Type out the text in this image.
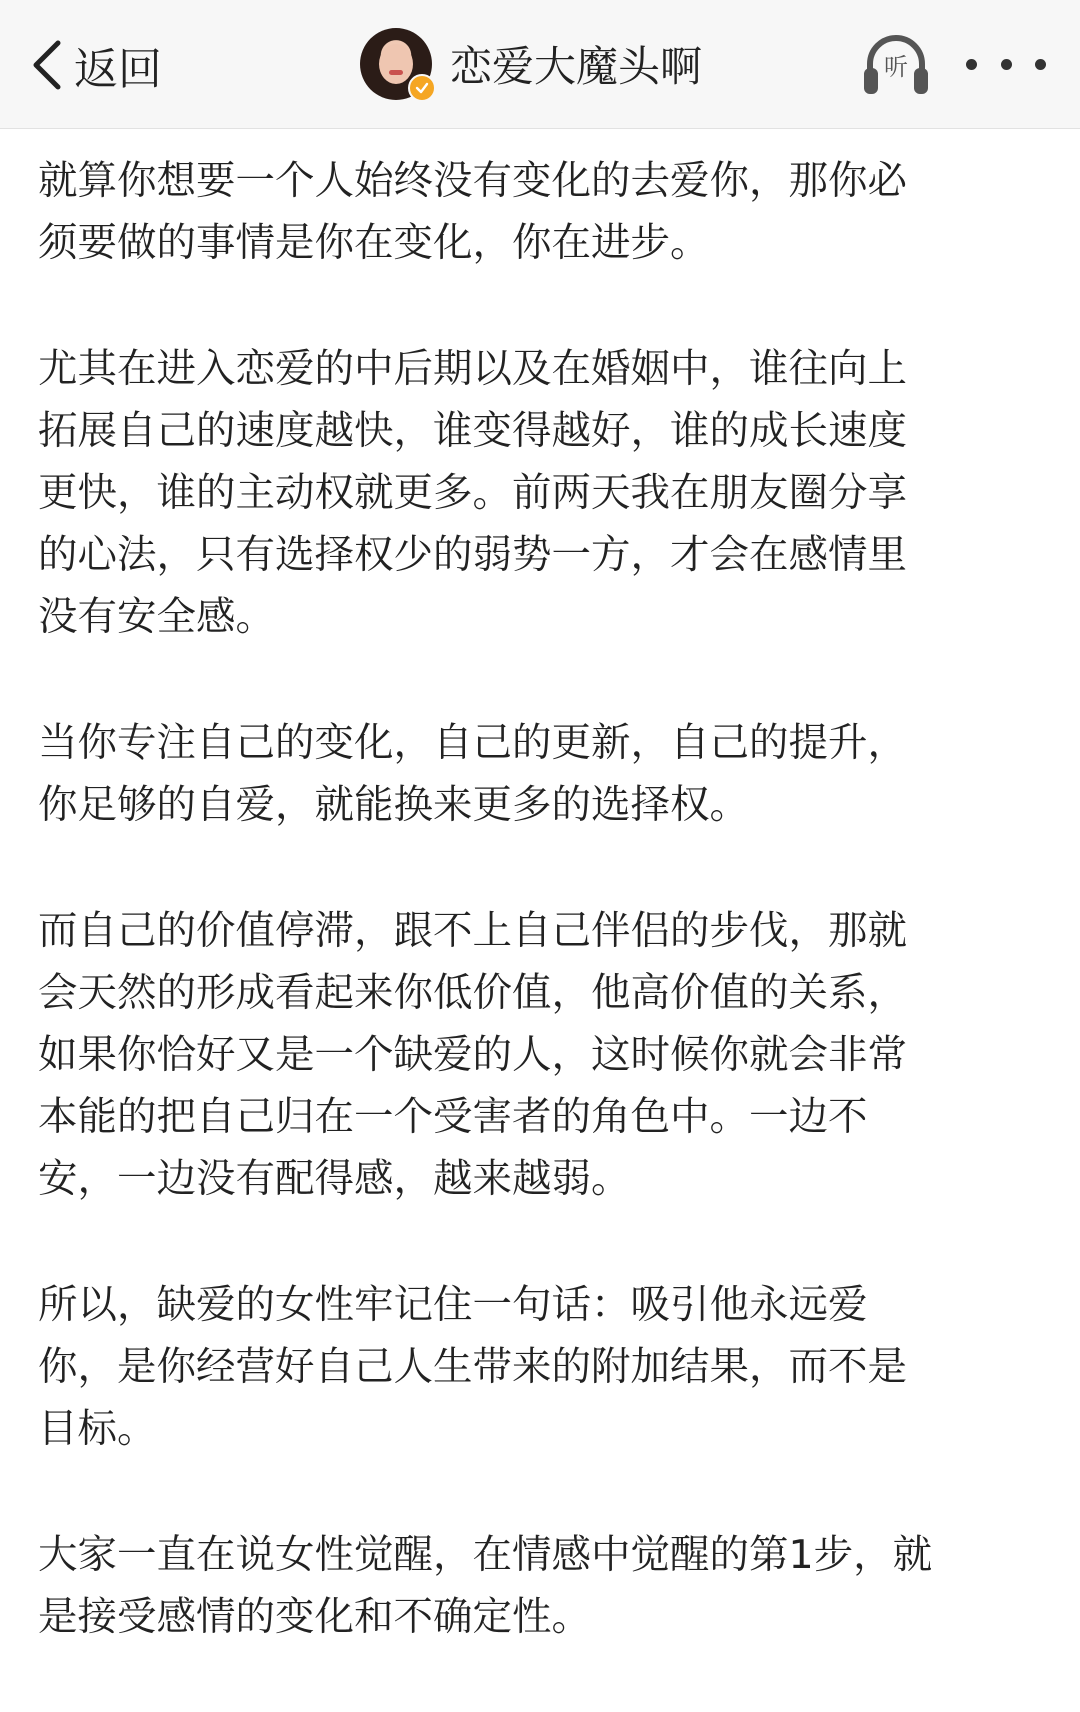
返回	恋爱大魔头啊	听

就算你想要一个人始终没有变化的去爱你，那你必
须要做的事情是你在变化，你在进步。

尤其在进入恋爱的中后期以及在婚姻中，谁往向上
拓展自己的速度越快，谁变得越好，谁的成长速度
更快，谁的主动权就更多。前两天我在朋友圈分享
的心法，只有选择权少的弱势一方，才会在感情里
没有安全感。

当你专注自己的变化，自己的更新，自己的提升，
你足够的自爱，就能换来更多的选择权。

而自己的价值停滞，跟不上自己伴侣的步伐，那就
会天然的形成看起来你低价值，他高价值的关系，
如果你恰好又是一个缺爱的人，这时候你就会非常
本能的把自己归在一个受害者的角色中。一边不
安，一边没有配得感，越来越弱。

所以，缺爱的女性牢记住一句话：吸引他永远爱
你，是你经营好自己人生带来的附加结果，而不是
目标。

大家一直在说女性觉醒，在情感中觉醒的第1步，就
是接受感情的变化和不确定性。
